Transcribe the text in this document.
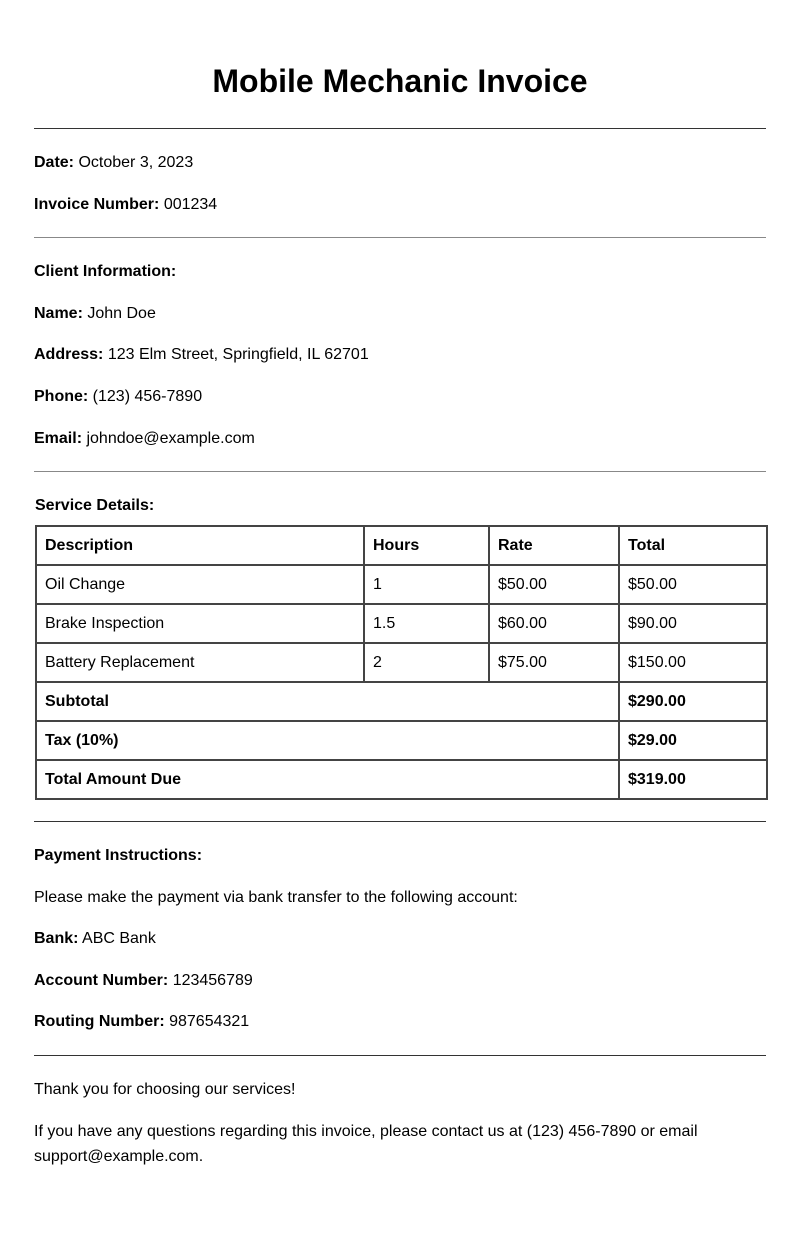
Mobile Mechanic Invoice

Date: October 3, 2023

Invoice Number: 001234

Client Information:

Name: John Doe

Address: 123 Elm Street, Springfield, IL 62701

Phone: (123) 456-7890

Email: johndoe@example.com

Service Details:

Description	Hours	Rate	Total
Oil Change	1	$50.00	$50.00
Brake Inspection	1.5	$60.00	$90.00
Battery Replacement	2	$75.00	$150.00
Subtotal			$290.00
Tax (10%)			$29.00
Total Amount Due			$319.00

Payment Instructions:

Please make the payment via bank transfer to the following account:

Bank: ABC Bank

Account Number: 123456789

Routing Number: 987654321

Thank you for choosing our services!

If you have any questions regarding this invoice, please contact us at (123) 456-7890 or email support@example.com.
